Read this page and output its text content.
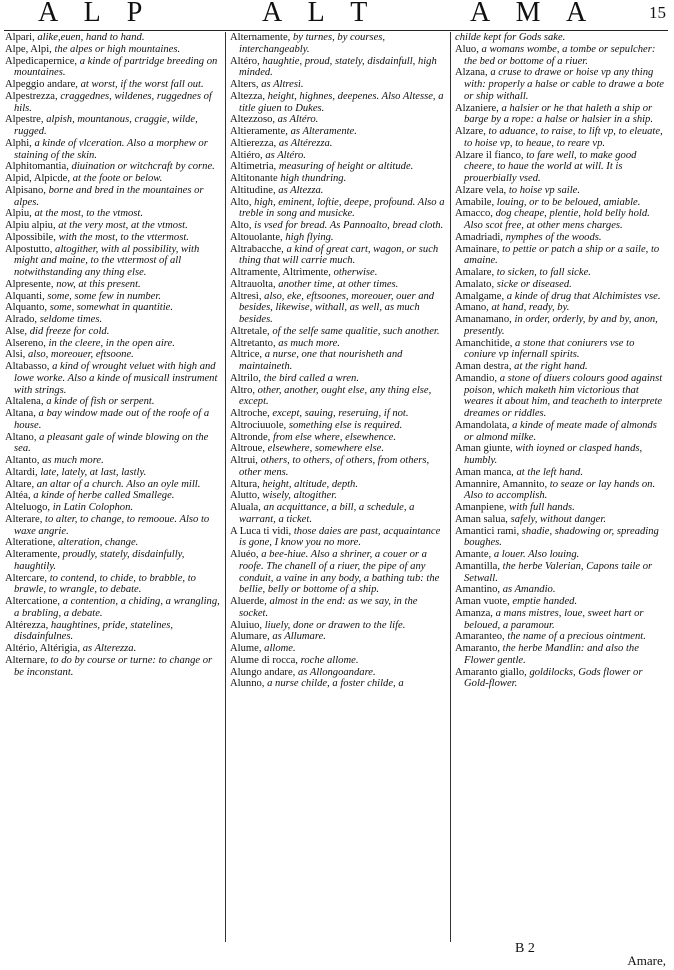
A L P	A L T	A M A	15

Alpari, alike,euen, hand to hand.

Alpe, Alpi, the alpes or high mountaines.

Alpedicapernice, a kinde of partridge breeding on mountaines.

Alpeggio andare, at worst, if the worst fall out.

Alpestrezza, craggednes, wildenes, ruggednes of hils.

Alpestre, alpish, mountanous, craggie, wilde, rugged.

Alphi, a kinde of vlceration. Also a morphew or staining of the skin.

Alphitomantia, diuination or witchcraft by corne.

Alpid, Alpicde, at the foote or below.

Alpisano, borne and bred in the mountaines or alpes.

Alpiu, at the most, to the vtmost.

Alpiu alpiu, at the very most, at the vtmost.

Alpossibile, with the most, to the vttermost.

Alpostutto, altogither, with al possibility, with might and maine, to the vttermost of all notwithstanding any thing else.

Alpresente, now, at this present.

Alquanti, some, some few in number.

Alquanto, some, somewhat in quantitie.

Alrado, seldome times.

Alse, did freeze for cold.

Alsereno, in the cleere, in the open aire.

Alsi, also, moreouer, eftsoone.

Altabasso, a kind of wrought veluet with high and lowe worke. Also a kinde of musicall instrument with strings.

Altalena, a kinde of fish or serpent.

Altana, a bay window made out of the roofe of a house.

Altano, a pleasant gale of winde blowing on the sea.

Altanto, as much more.

Altardi, late, lately, at last, lastly.

Altare, an altar of a church. Also an oyle mill.

Altéa, a kinde of herbe called Smallege.

Alteluogo, in Latin Colophon.

Alterare, to alter, to change, to remooue. Also to waxe angrie.

Alteratione, alteration, change.

Alteramente, proudly, stately, disdainfully, haughtily.

Altercare, to contend, to chide, to brabble, to brawle, to wrangle, to debate.

Altercatione, a contention, a chiding, a wrangling, a brabling, a debate.

Altérezza, haughtines, pride, statelines, disdainfulnes.

Altério, Altérigia, as Alterezza.

Alternare, to do by course or turne: to change or be inconstant.

Alternamente, by turnes, by courses, interchangeably.

Altéro, haughtie, proud, stately, disdainfull, high minded.

Alters, as Altresì.

Altezza, height, highnes, deepenes. Also Altesse, a title giuen to Dukes.

Altezzoso, as Altéro.

Altieramente, as Alteramente.

Altierezza, as Altérezza.

Altiéro, as Altéro.

Altimetria, measuring of height or altitude.

Altitonante high thundring.

Altitudine, as Altezza.

Alto, high, eminent, loftie, deepe, profound. Also a treble in song and musicke.

Alto, is vsed for bread. As Pannoalto, bread cloth.

Altouolante, high flying.

Altrabacche, a kind of great cart, wagon, or such thing that will carrie much.

Altramente, Altrimente, otherwise.

Altrauolta, another time, at other times.

Altresì, also, eke, eftsoones, moreouer, ouer and besides, likewise, withall, as well, as much besides.

Altretale, of the selfe same qualitie, such another.

Altretanto, as much more.

Altrice, a nurse, one that nourisheth and maintaineth.

Altrilo, the bird called a wren.

Altro, other, another, ought else, any thing else, except.

Altroche, except, sauing, reseruing, if not.

Altrociuuole, something else is required.

Altronde, from else where, elsewhence.

Altroue, elsewhere, somewhere else.

Altrui, others, to others, of others, from others, other mens.

Altura, height, altitude, depth.

Alutto, wisely, altogither.

Aluala, an acquittance, a bill, a schedule, a warrant, a ticket.

A Luca ti vidi, those daies are past, acquaintance is gone, I know you no more.

Aluéo, a bee-hiue. Also a shriner, a couer or a roofe. The chanell of a riuer, the pipe of any conduit, a vaine in any body, a bathing tub: the bellie, belly or bottome of a ship.

Aluerde, almost in the end: as we say, in the socket.

Aluiuo, liuely, done or drawen to the life.

Alumare, as Allumare.

Alume, allome.

Alume di rocca, roche allome.

Alungo andare, as Allongoandare.

Alunno, a nurse childe, a foster childe, a

childe kept for Gods sake.

Aluo, a womans wombe, a tombe or sepulcher: the bed or bottome of a riuer.

Alzana, a cruse to drawe or hoise vp any thing with: properly a halse or cable to drawe a bote or ship withall.

Alzaniere, a halsier or he that haleth a ship or barge by a rope: a halse or halsier in a ship.

Alzare, to aduance, to raise, to lift vp, to eleuate, to hoise vp, to heaue, to reare vp.

Alzare il fianco, to fare well, to make good cheere, to haue the world at will. It is prouerbially vsed.

Alzare vela, to hoise vp saile.

Amabile, louing, or to be beloued, amiable.

Amacco, dog cheape, plentie, hold belly hold. Also scot free, at other mens charges.

Amadriadi, nymphes of the woods.

Amainare, to pettie or patch a ship or a saile, to amaine.

Amalare, to sicken, to fall sicke.

Amalato, sicke or diseased.

Amalgame, a kinde of drug that Alchimistes vse.

Amano, at hand, ready, by.

Amanamano, in order, orderly, by and by, anon, presently.

Amanchitide, a stone that coniurers vse to coniure vp infernall spirits.

Aman destra, at the right hand.

Amandio, a stone of diuers colours good against poison, which maketh him victorious that weares it about him, and teacheth to interprete dreames or riddles.

Amandolata, a kinde of meate made of almonds or almond milke.

Aman giunte, with ioyned or clasped hands, humbly.

Aman manca, at the left hand.

Amannire, Amannito, to seaze or lay hands on. Also to accomplish.

Amanpiene, with full hands.

Aman salua, safely, without danger.

Amantici rami, shadie, shadowing or, spreading boughes.

Amante, a louer. Also louing.

Amantilla, the herbe Valerian, Capons taile or Setwall.

Amantino, as Amandio.

Aman vuote, emptie handed.

Amanza, a mans mistres, loue, sweet hart or beloued, a paramour.

Amaranteo, the name of a precious ointment.

Amaranto, the herbe Mandlin: and also the Flower gentle.

Amaranto giallo, goldilocks, Gods flower or Gold-flower.

B 2
Amare,
